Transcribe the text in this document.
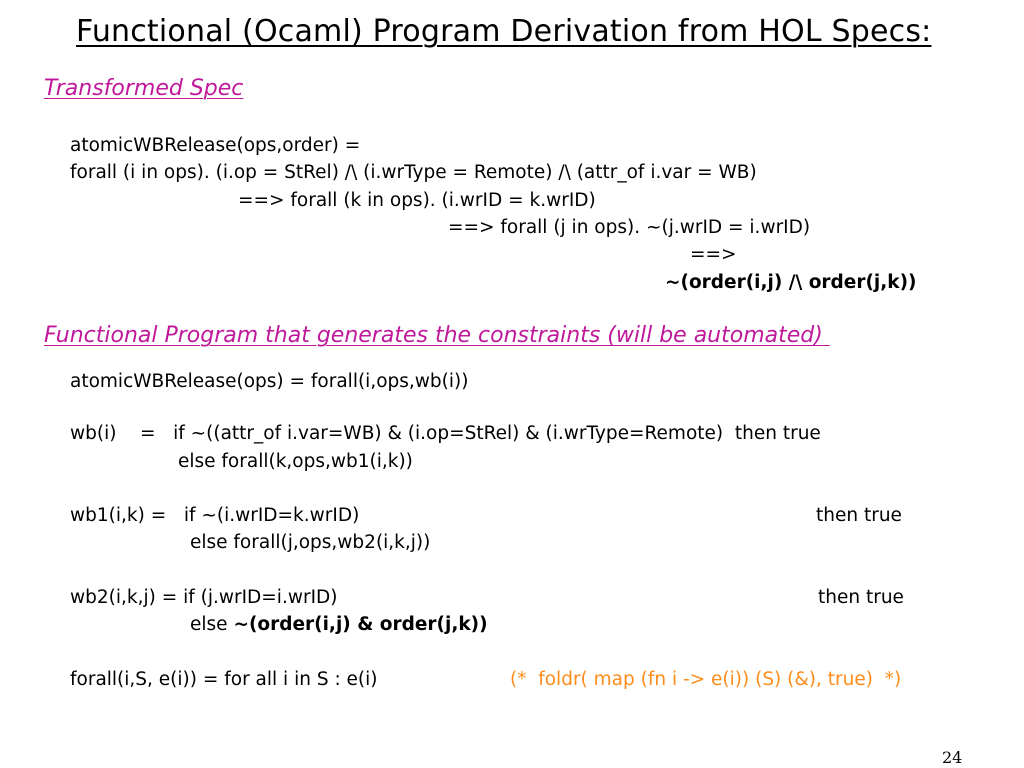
Functional (Ocaml) Program Derivation from HOL Specs:
Transformed Spec
atomicWBRelease(ops,order) =
forall (i in ops). (i.op = StRel) /\ (i.wrType = Remote) /\ (attr_of i.var = WB)
==> forall (k in ops). (i.wrID = k.wrID)
==> forall (j in ops). ~(j.wrID = i.wrID)
==>
~(order(i,j) /\ order(j,k))
Functional Program that generates the constraints (will be automated)
atomicWBRelease(ops) = forall(i,ops,wb(i))
wb(i)    =   if ~((attr_of i.var=WB) & (i.op=StRel) & (i.wrType=Remote)  then true
else forall(k,ops,wb1(i,k))
wb1(i,k) =   if ~(i.wrID=k.wrID)	then true
else forall(j,ops,wb2(i,k,j))
wb2(i,k,j) = if (j.wrID=i.wrID)	then true
else ~(order(i,j) & order(j,k))
forall(i,S, e(i)) = for all i in S : e(i)	(*  foldr( map (fn i -> e(i)) (S) (&), true)  *)
24
